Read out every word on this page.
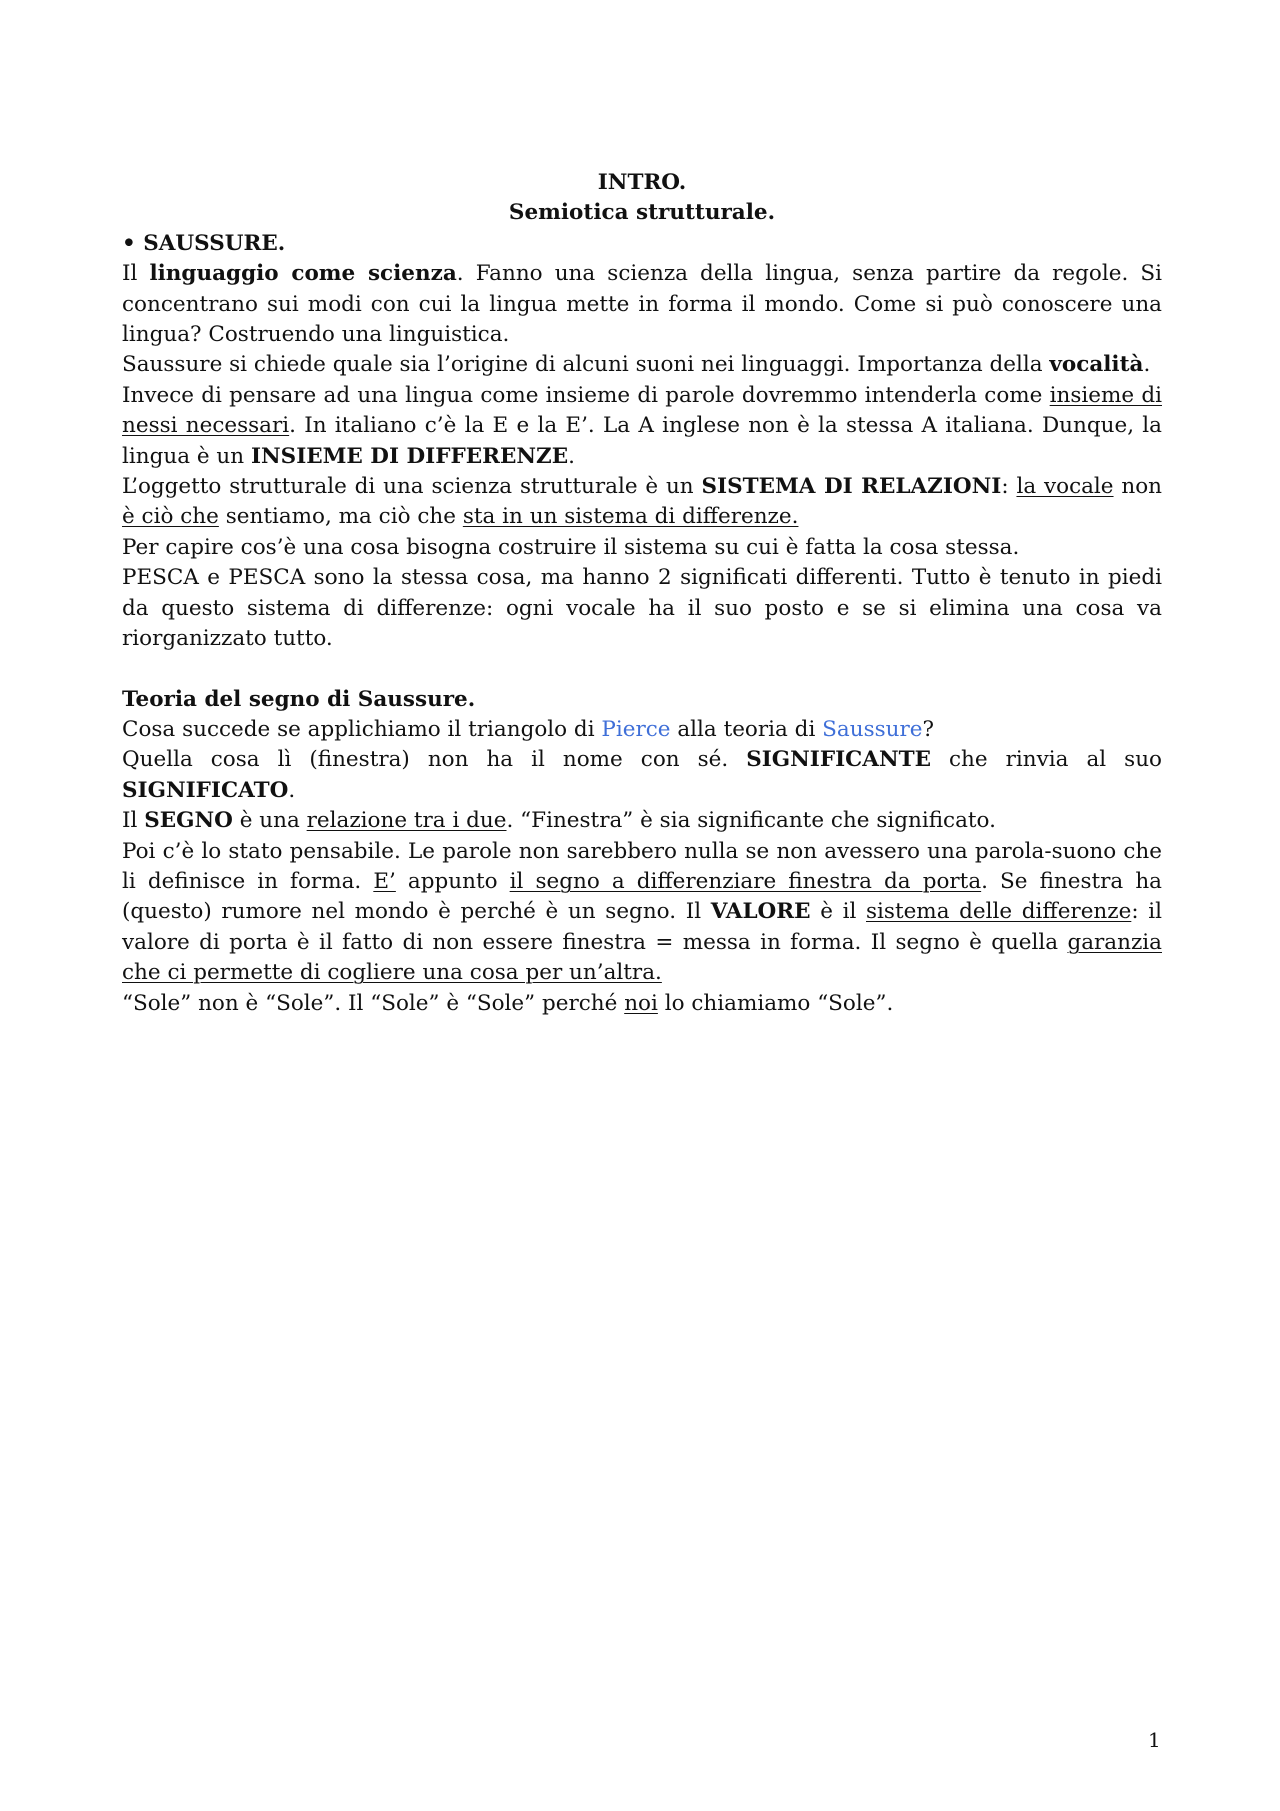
INTRO.
Semiotica strutturale.
• SAUSSURE.

Il linguaggio come scienza. Fanno una scienza della lingua, senza partire da regole. Si concentrano sui modi con cui la lingua mette in forma il mondo. Come si può conoscere una lingua? Costruendo una linguistica.

Saussure si chiede quale sia l’origine di alcuni suoni nei linguaggi. Importanza della vocalità.

Invece di pensare ad una lingua come insieme di parole dovremmo intenderla come insieme di nessi necessari. In italiano c’è la E e la E’. La A inglese non è la stessa A italiana. Dunque, la lingua è un INSIEME DI DIFFERENZE.

L’oggetto strutturale di una scienza strutturale è un SISTEMA DI RELAZIONI: la vocale non è ciò che sentiamo, ma ciò che sta in un sistema di differenze.

Per capire cos’è una cosa bisogna costruire il sistema su cui è fatta la cosa stessa.

PESCA e PESCA sono la stessa cosa, ma hanno 2 significati differenti. Tutto è tenuto in piedi da questo sistema di differenze: ogni vocale ha il suo posto e se si elimina una cosa va riorganizzato tutto.

Teoria del segno di Saussure.

Cosa succede se applichiamo il triangolo di Pierce alla teoria di Saussure?

Quella cosa lì (finestra) non ha il nome con sé. SIGNIFICANTE che rinvia al suo SIGNIFICATO.

Il SEGNO è una relazione tra i due. “Finestra” è sia significante che significato.

Poi c’è lo stato pensabile. Le parole non sarebbero nulla se non avessero una parola-suono che li definisce in forma. E’ appunto il segno a differenziare finestra da porta. Se finestra ha (questo) rumore nel mondo è perché è un segno. Il VALORE è il sistema delle differenze: il valore di porta è il fatto di non essere finestra = messa in forma. Il segno è quella garanzia che ci permette di cogliere una cosa per un’altra.

“Sole” non è “Sole”. Il “Sole” è “Sole” perché noi lo chiamiamo “Sole”.

1
